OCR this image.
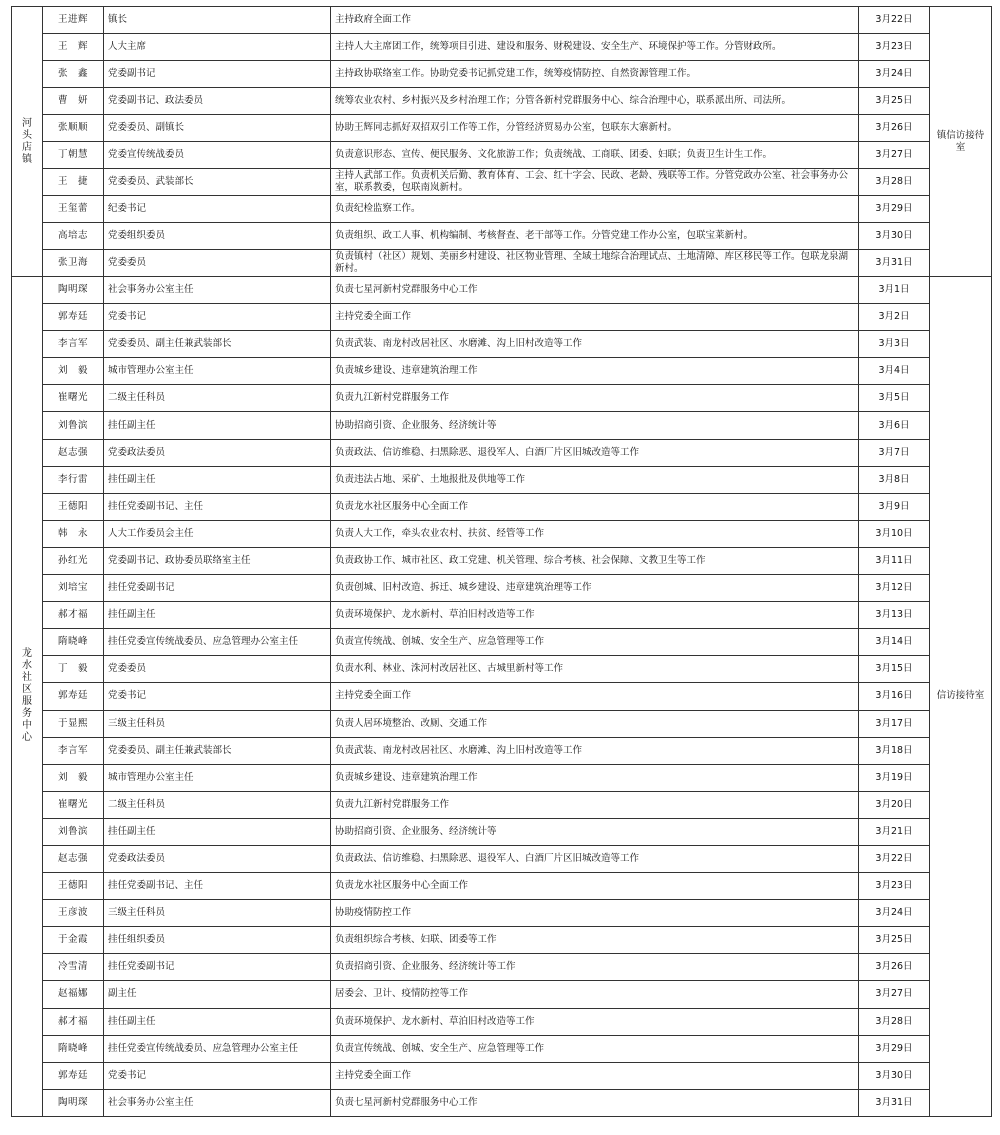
河头店镇	王进辉	镇长	主持政府全面工作	3月22日	镇信访接待室
	王　辉	人大主席	主持人大主席团工作，统筹项目引进、建设和服务、财税建设、安全生产、环境保护等工作。分管财政所。	3月23日	
	张　鑫	党委副书记	主持政协联络室工作。协助党委书记抓党建工作，统筹疫情防控、自然资源管理工作。	3月24日	
	曹　妍	党委副书记、政法委员	统筹农业农村、乡村振兴及乡村治理工作；分管各新村党群服务中心、综合治理中心，联系派出所、司法所。	3月25日	
	张顺顺	党委委员、副镇长	协助王辉同志抓好双招双引工作等工作，分管经济贸易办公室，包联东大寨新村。	3月26日	
	丁朝慧	党委宣传统战委员	负责意识形态、宣传、便民服务、文化旅游工作；负责统战、工商联、团委、妇联；负责卫生计生工作。	3月27日	
	王　捷	党委委员、武装部长	主持人武部工作。负责机关后勤、教育体育、工会、红十字会、民政、老龄、残联等工作。分管党政办公室、社会事务办公室，联系教委，包联南岚新村。	3月28日	
	王玺蕾	纪委书记	负责纪检监察工作。	3月29日	
	高培志	党委组织委员	负责组织、政工人事、机构编制、考核督查、老干部等工作。分管党建工作办公室，包联宝莱新村。	3月30日	
	张卫海	党委委员	负责镇村（社区）规划、美丽乡村建设、社区物业管理、全域土地综合治理试点、土地清障、库区移民等工作。包联龙泉湖新村。	3月31日	
龙水社区服务中心	陶明琛	社会事务办公室主任	负责七星河新村党群服务中心工作	3月1日	信访接待室
	郭寿廷	党委书记	主持党委全面工作	3月2日	
	李言军	党委委员、副主任兼武装部长	负责武装、南龙村改居社区、水磨滩、沟上旧村改造等工作	3月3日	
	刘　毅	城市管理办公室主任	负责城乡建设、违章建筑治理工作	3月4日	
	崔曙光	二级主任科员	负责九江新村党群服务工作	3月5日	
	刘鲁滨	挂任副主任	协助招商引资、企业服务、经济统计等	3月6日	
	赵志强	党委政法委员	负责政法、信访维稳、扫黑除恶、退役军人、白酒厂片区旧城改造等工作	3月7日	
	李行雷	挂任副主任	负责违法占地、采矿、土地报批及供地等工作	3月8日	
	王德阳	挂任党委副书记、主任	负责龙水社区服务中心全面工作	3月9日	
	韩　永	人大工作委员会主任	负责人大工作，牵头农业农村、扶贫、经管等工作	3月10日	
	孙红光	党委副书记、政协委员联络室主任	负责政协工作、城市社区、政工党建、机关管理、综合考核、社会保障、文教卫生等工作	3月11日	
	刘培宝	挂任党委副书记	负责创城、旧村改造、拆迁、城乡建设、违章建筑治理等工作	3月12日	
	郝才福	挂任副主任	负责环境保护、龙水新村、草泊旧村改造等工作	3月13日	
	隋晓峰	挂任党委宣传统战委员、应急管理办公室主任	负责宣传统战、创城、安全生产、应急管理等工作	3月14日	
	丁　毅	党委委员	负责水利、林业、洙河村改居社区、古城里新村等工作	3月15日	
	郭寿廷	党委书记	主持党委全面工作	3月16日	
	于显熙	三级主任科员	负责人居环境整治、改厕、交通工作	3月17日	
	李言军	党委委员、副主任兼武装部长	负责武装、南龙村改居社区、水磨滩、沟上旧村改造等工作	3月18日	
	刘　毅	城市管理办公室主任	负责城乡建设、违章建筑治理工作	3月19日	
	崔曙光	二级主任科员	负责九江新村党群服务工作	3月20日	
	刘鲁滨	挂任副主任	协助招商引资、企业服务、经济统计等	3月21日	
	赵志强	党委政法委员	负责政法、信访维稳、扫黑除恶、退役军人、白酒厂片区旧城改造等工作	3月22日	
	王德阳	挂任党委副书记、主任	负责龙水社区服务中心全面工作	3月23日	
	王彦波	三级主任科员	协助疫情防控工作	3月24日	
	于金霞	挂任组织委员	负责组织综合考核、妇联、团委等工作	3月25日	
	冷雪清	挂任党委副书记	负责招商引资、企业服务、经济统计等工作	3月26日	
	赵福娜	副主任	居委会、卫计、疫情防控等工作	3月27日	
	郝才福	挂任副主任	负责环境保护、龙水新村、草泊旧村改造等工作	3月28日	
	隋晓峰	挂任党委宣传统战委员、应急管理办公室主任	负责宣传统战、创城、安全生产、应急管理等工作	3月29日	
	郭寿廷	党委书记	主持党委全面工作	3月30日	
	陶明琛	社会事务办公室主任	负责七星河新村党群服务中心工作	3月31日	
